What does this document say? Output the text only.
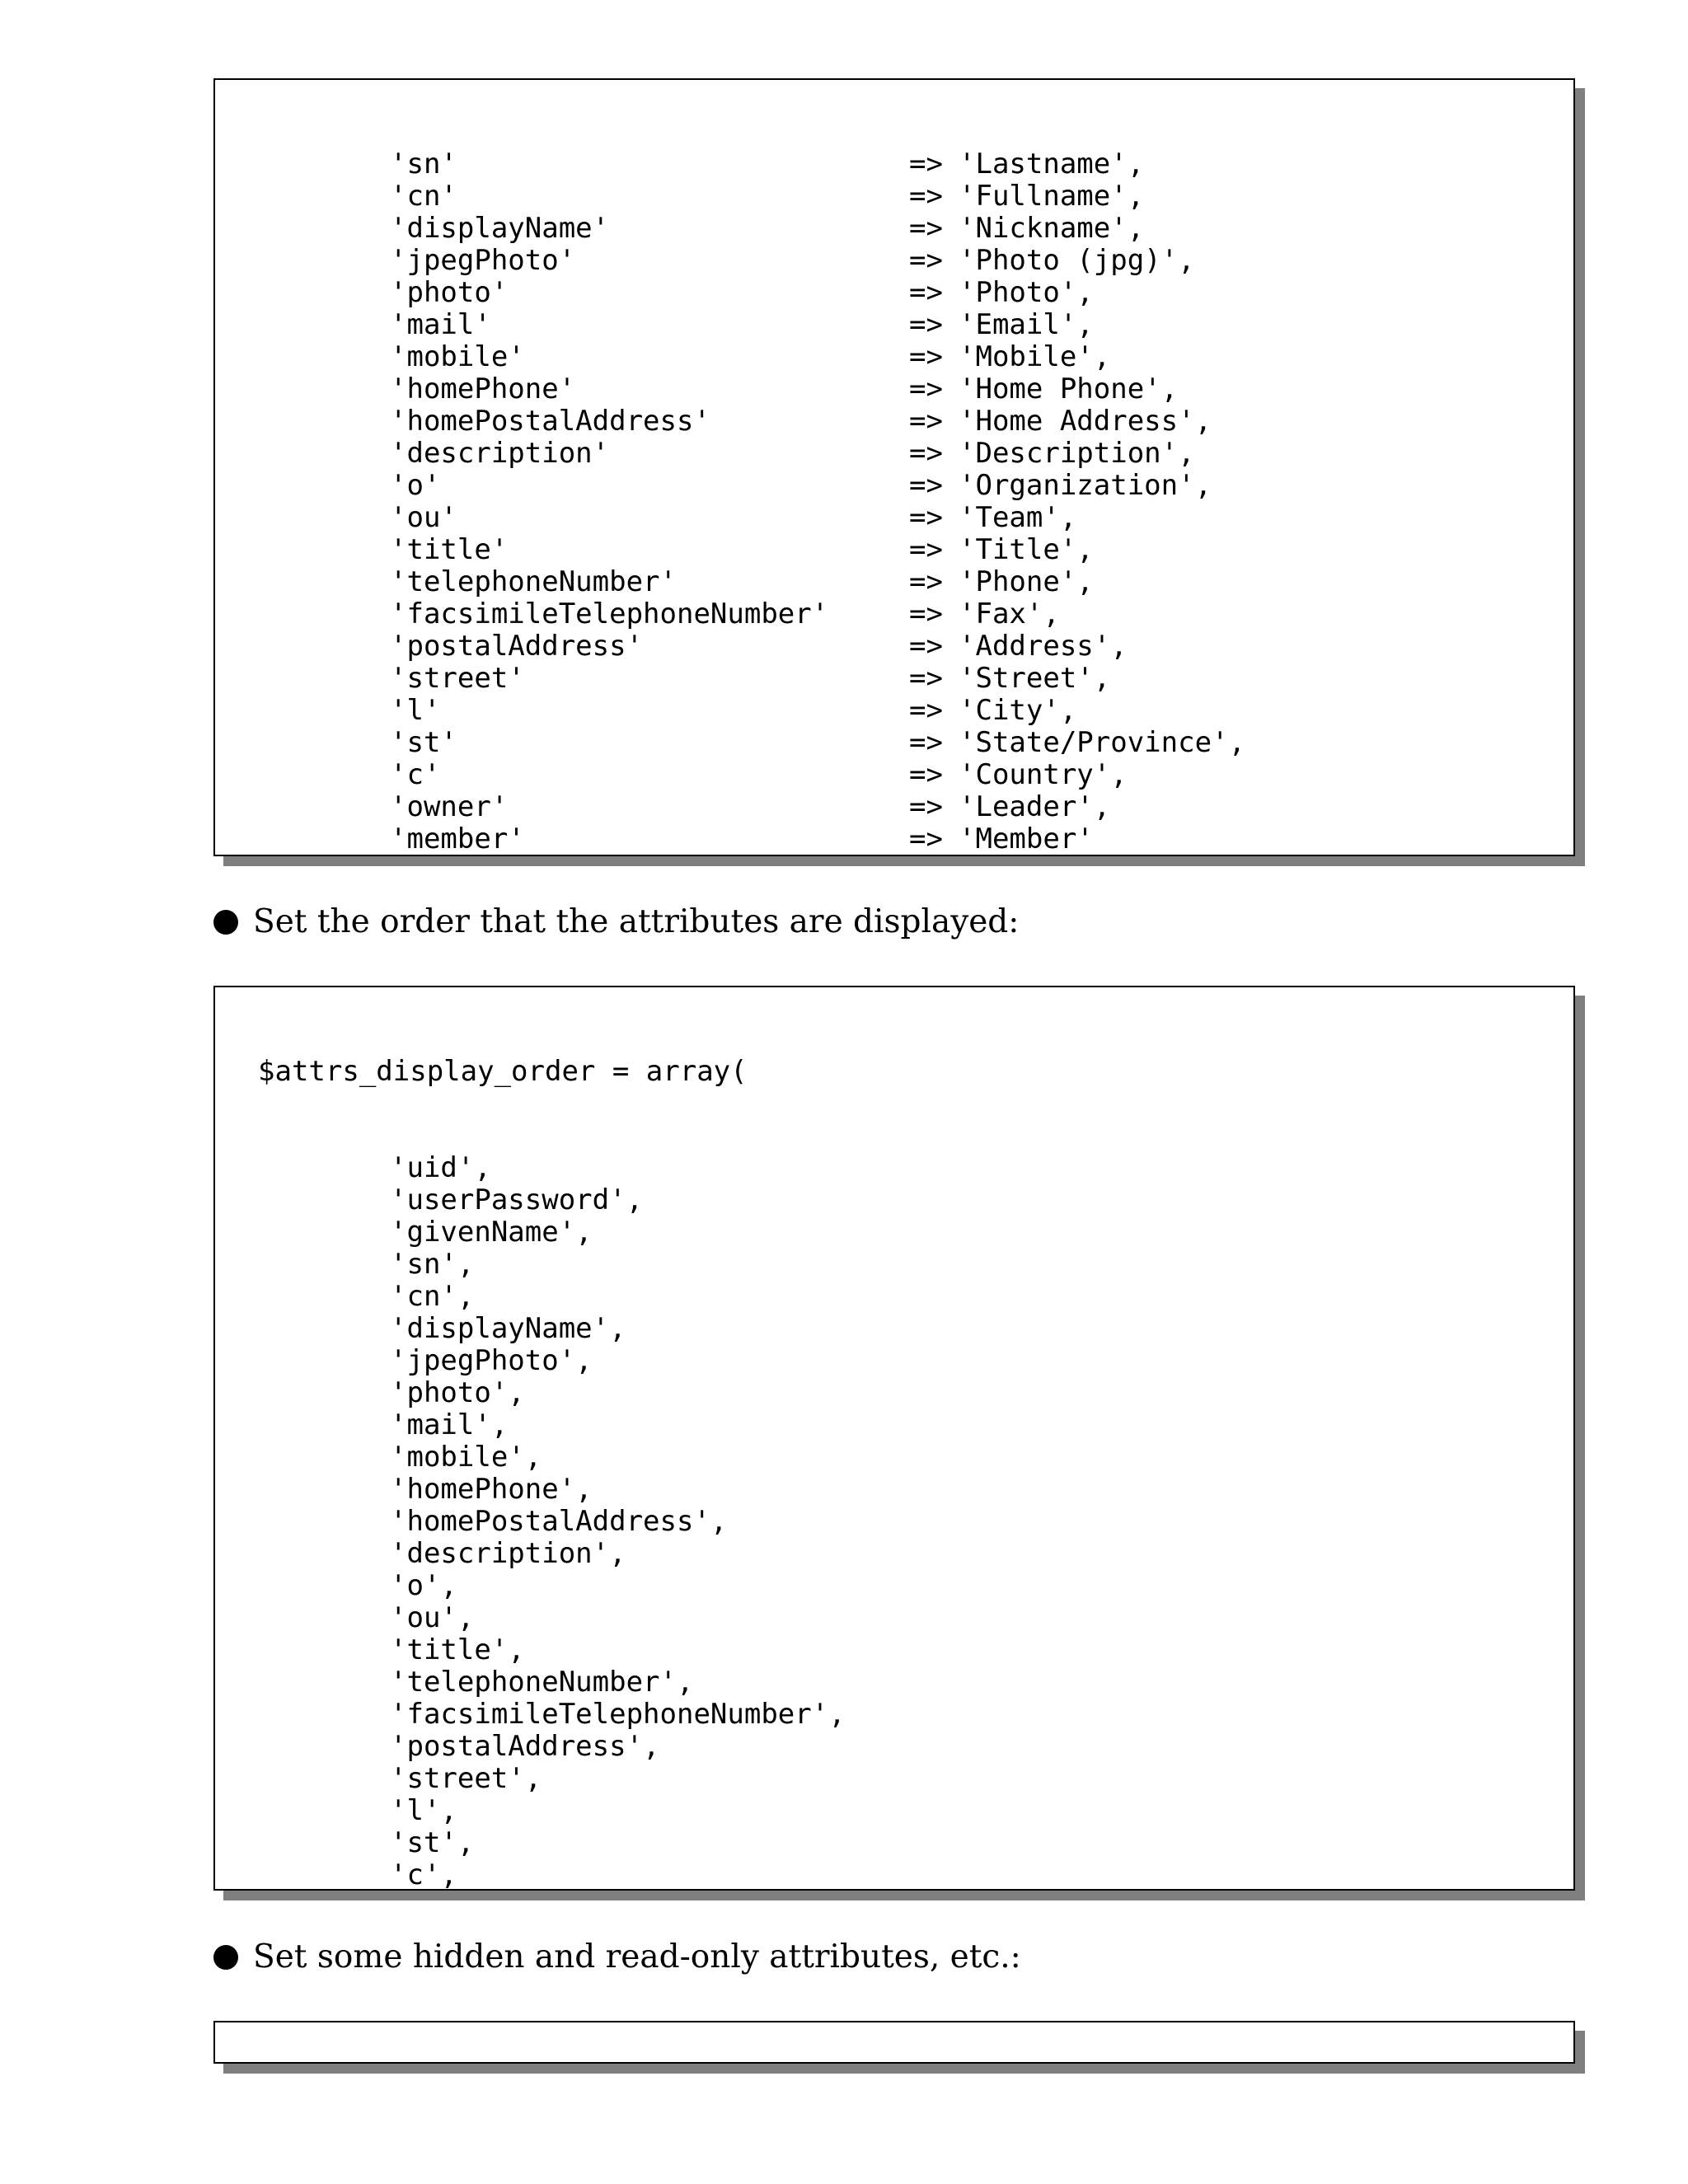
'sn'	=> 'Lastname',
'cn'	=> 'Fullname',
'displayName'	=> 'Nickname',
'jpegPhoto'	=> 'Photo (jpg)',
'photo'	=> 'Photo',
'mail'	=> 'Email',
'mobile'	=> 'Mobile',
'homePhone'	=> 'Home Phone',
'homePostalAddress'	=> 'Home Address',
'description'	=> 'Description',
'o'	=> 'Organization',
'ou'	=> 'Team',
'title'	=> 'Title',
'telephoneNumber'	=> 'Phone',
'facsimileTelephoneNumber'	=> 'Fax',
'postalAddress'	=> 'Address',
'street'	=> 'Street',
'l'	=> 'City',
'st'	=> 'State/Province',
'c'	=> 'Country',
'owner'	=> 'Leader',
'member'	=> 'Member'

Set the order that the attributes are displayed:

$attrs_display_order = array(

'uid',
'userPassword',
'givenName',
'sn',
'cn',
'displayName',
'jpegPhoto',
'photo',
'mail',
'mobile',
'homePhone',
'homePostalAddress',
'description',
'o',
'ou',
'title',
'telephoneNumber',
'facsimileTelephoneNumber',
'postalAddress',
'street',
'l',
'st',
'c',

Set some hidden and read-only attributes, etc.:
